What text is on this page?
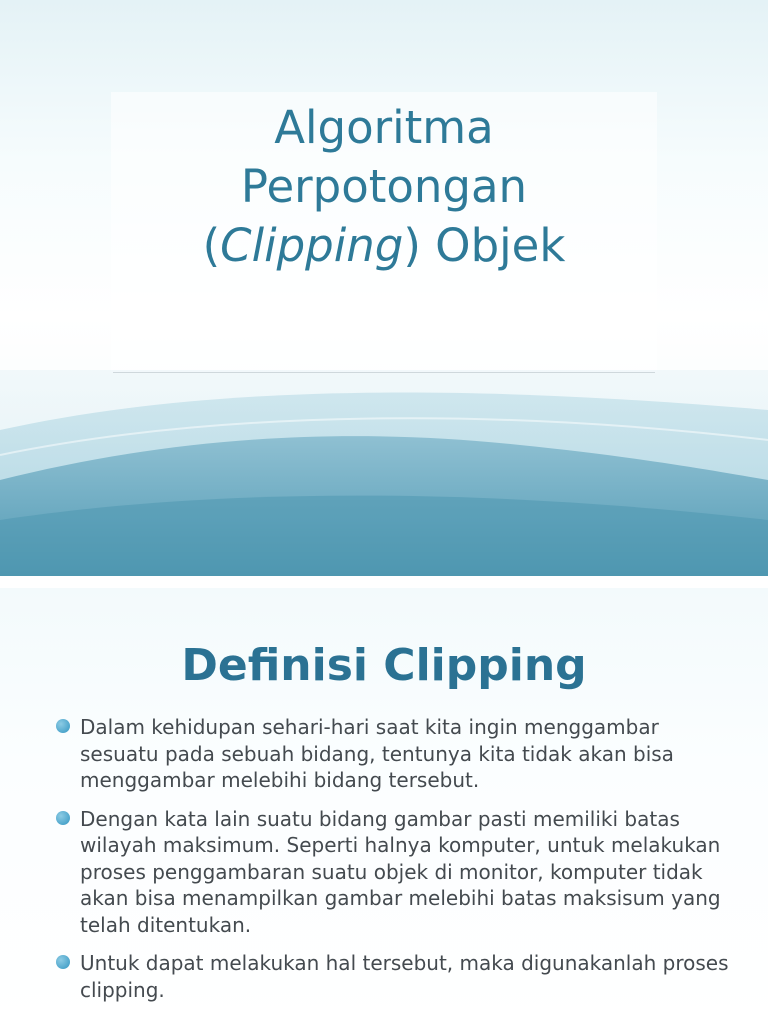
Algoritma
Perpotongan
(Clipping) Objek
Definisi Clipping
Dalam kehidupan sehari-hari saat kita ingin menggambar sesuatu pada sebuah bidang, tentunya kita tidak akan bisa menggambar melebihi bidang tersebut.
Dengan kata lain suatu bidang gambar pasti memiliki batas wilayah maksimum. Seperti halnya komputer, untuk melakukan proses penggambaran suatu objek di monitor, komputer tidak akan bisa menampilkan gambar melebihi batas maksisum yang telah ditentukan.
Untuk dapat melakukan hal tersebut, maka digunakanlah proses clipping.
